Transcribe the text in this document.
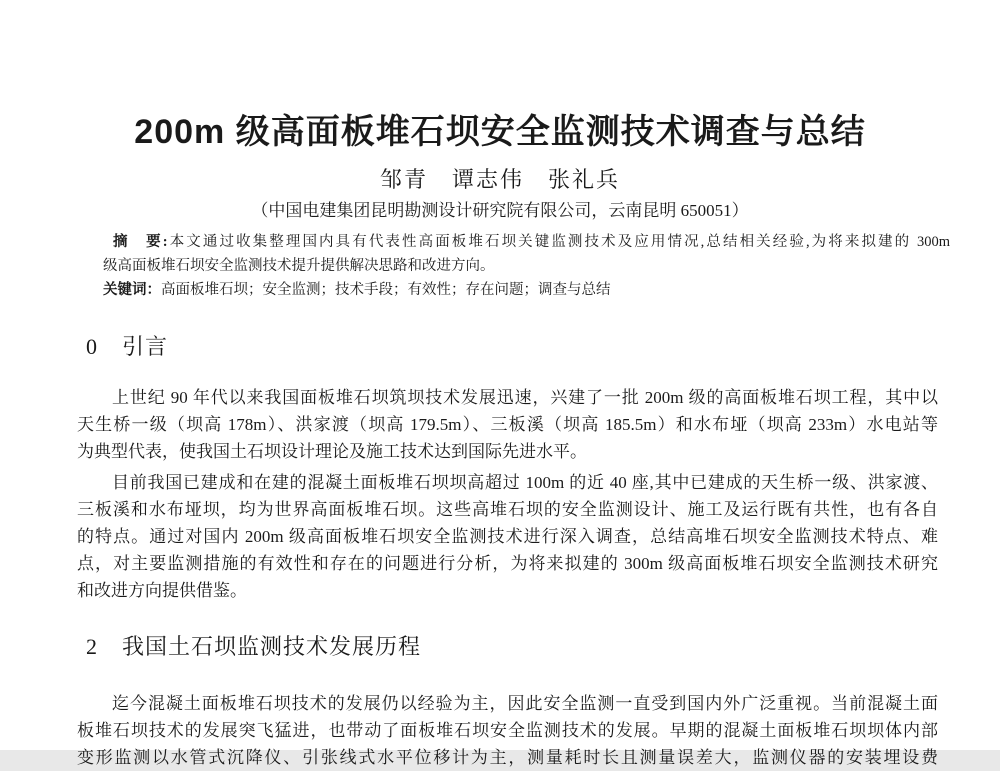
200m 级高面板堆石坝安全监测技术调查与总结
邹青　谭志伟　张礼兵
（中国电建集团昆明勘测设计研究院有限公司，云南昆明 650051）
摘　要:本文通过收集整理国内具有代表性高面板堆石坝关键监测技术及应用情况,总结相关经验,为将来拟建的 300m
级高面板堆石坝安全监测技术提升提供解决思路和改进方向。
关键词：高面板堆石坝；安全监测；技术手段；有效性；存在问题；调查与总结
0 引言
上世纪 90 年代以来我国面板堆石坝筑坝技术发展迅速，兴建了一批 200m 级的高面板堆石坝工程，其中以
天生桥一级（坝高 178m）、洪家渡（坝高 179.5m）、三板溪（坝高 185.5m）和水布垭（坝高 233m）水电站等
为典型代表，使我国土石坝设计理论及施工技术达到国际先进水平。
目前我国已建成和在建的混凝土面板堆石坝坝高超过 100m 的近 40 座,其中已建成的天生桥一级、洪家渡、
三板溪和水布垭坝，均为世界高面板堆石坝。这些高堆石坝的安全监测设计、施工及运行既有共性，也有各自
的特点。通过对国内 200m 级高面板堆石坝安全监测技术进行深入调查，总结高堆石坝安全监测技术特点、难
点，对主要监测措施的有效性和存在的问题进行分析，为将来拟建的 300m 级高面板堆石坝安全监测技术研究
和改进方向提供借鉴。
2 我国土石坝监测技术发展历程
迄今混凝土面板堆石坝技术的发展仍以经验为主，因此安全监测一直受到国内外广泛重视。当前混凝土面
板堆石坝技术的发展突飞猛进，也带动了面板堆石坝安全监测技术的发展。早期的混凝土面板堆石坝坝体内部
变形监测以水管式沉降仪、引张线式水平位移计为主，测量耗时长且测量误差大，监测仪器的安装埋设费
